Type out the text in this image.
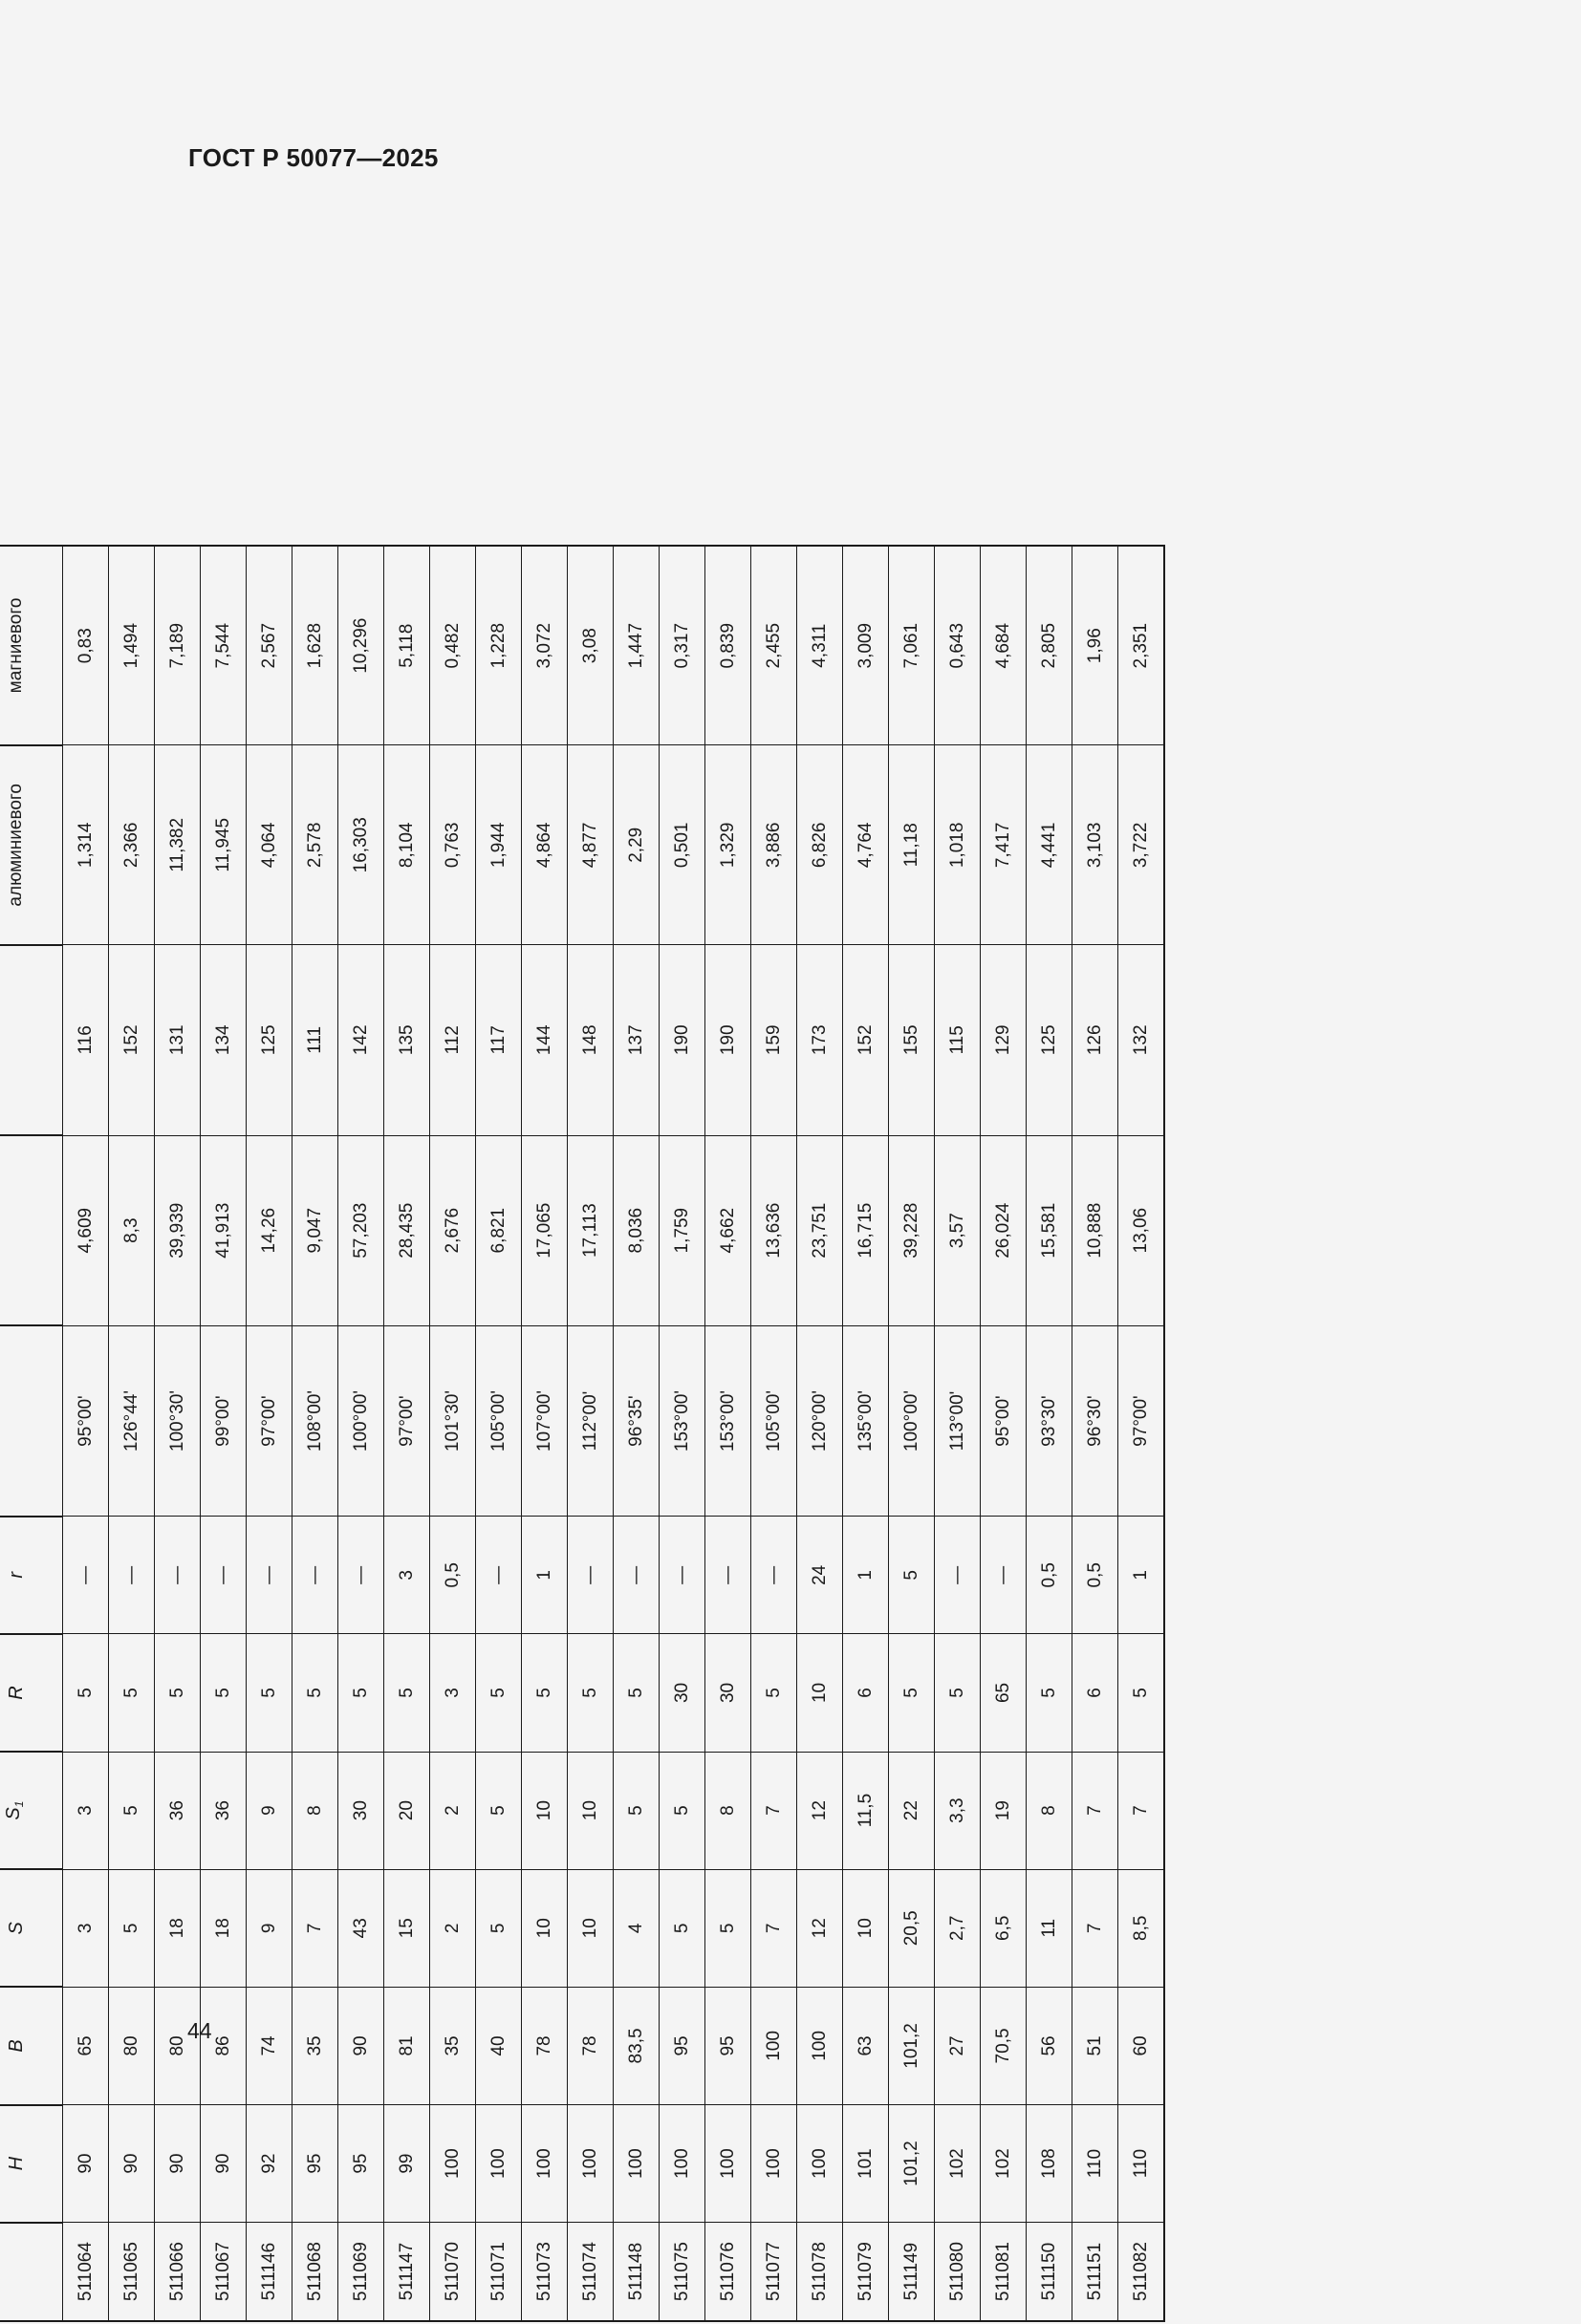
ГОСТ Р 50077—2025

	H	B	S	$S_1$	R	r				алюминиевого	магниевого
511064	90	65	3	3	5	—	95°00'	4,609	116	1,314	0,83
511065	90	80	5	5	5	—	126°44'	8,3	152	2,366	1,494
511066	90	80	18	36	5	—	100°30'	39,939	131	11,382	7,189
511067	90	86	18	36	5	—	99°00'	41,913	134	11,945	7,544
511146	92	74	9	9	5	—	97°00'	14,26	125	4,064	2,567
511068	95	35	7	8	5	—	108°00'	9,047	111	2,578	1,628
511069	95	90	43	30	5	—	100°00'	57,203	142	16,303	10,296
511147	99	81	15	20	5	3	97°00'	28,435	135	8,104	5,118
511070	100	35	2	2	3	0,5	101°30'	2,676	112	0,763	0,482
511071	100	40	5	5	5	—	105°00'	6,821	117	1,944	1,228
511073	100	78	10	10	5	1	107°00'	17,065	144	4,864	3,072
511074	100	78	10	10	5	—	112°00'	17,113	148	4,877	3,08
511148	100	83,5	4	5	5	—	96°35'	8,036	137	2,29	1,447
511075	100	95	5	5	30	—	153°00'	1,759	190	0,501	0,317
511076	100	95	5	8	30	—	153°00'	4,662	190	1,329	0,839
511077	100	100	7	7	5	—	105°00'	13,636	159	3,886	2,455
511078	100	100	12	12	10	24	120°00'	23,751	173	6,826	4,311
511079	101	63	10	11,5	6	1	135°00'	16,715	152	4,764	3,009
511149	101,2	101,2	20,5	22	5	5	100°00'	39,228	155	11,18	7,061
511080	102	27	2,7	3,3	5	—	113°00'	3,57	115	1,018	0,643
511081	102	70,5	6,5	19	65	—	95°00'	26,024	129	7,417	4,684
511150	108	56	11	8	5	0,5	93°30'	15,581	125	4,441	2,805
511151	110	51	7	7	6	0,5	96°30'	10,888	126	3,103	1,96
511082	110	60	8,5	7	5	1	97°00'	13,06	132	3,722	2,351
44
